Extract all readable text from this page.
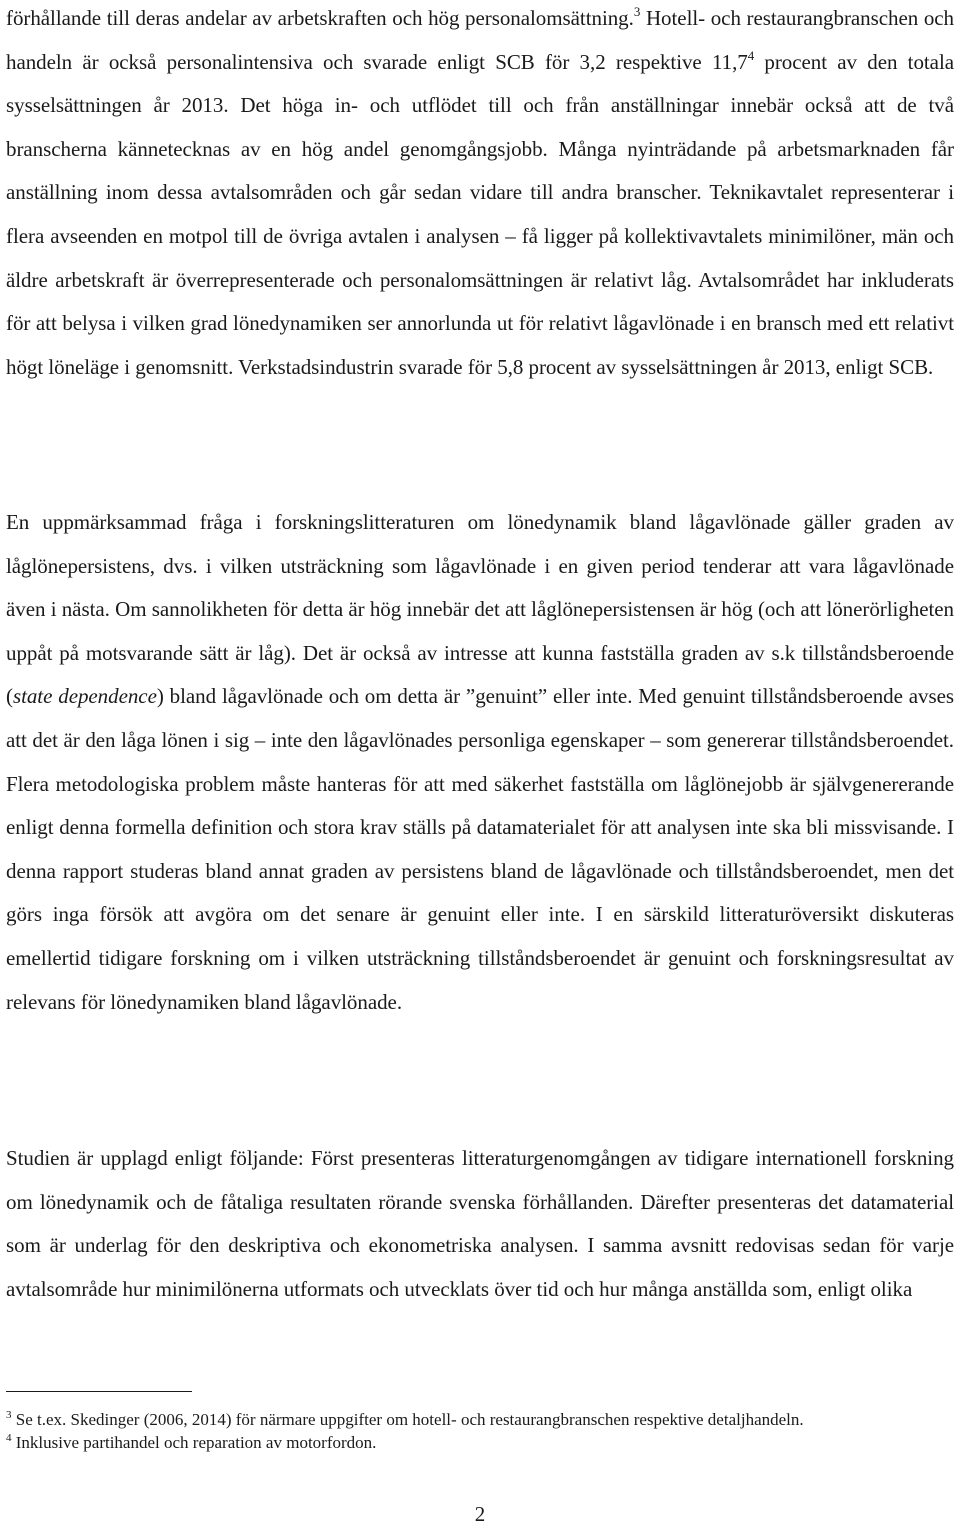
förhållande till deras andelar av arbetskraften och hög personalomsättning.$^3$ Hotell- och restaurangbranschen och handeln är också personalintensiva och svarade enligt SCB för 3,2 respektive 11,7$^4$ procent av den totala sysselsättningen år 2013. Det höga in- och utflödet till och från anställningar innebär också att de två branscherna kännetecknas av en hög andel genomgångsjobb. Många nyinträdande på arbetsmarknaden får anställning inom dessa avtalsområden och går sedan vidare till andra branscher. Teknikavtalet representerar i flera avseenden en motpol till de övriga avtalen i analysen – få ligger på kollektivavtalets minimilöner, män och äldre arbetskraft är överrepresenterade och personalomsättningen är relativt låg. Avtalsområdet har inkluderats för att belysa i vilken grad lönedynamiken ser annorlunda ut för relativt lågavlönade i en bransch med ett relativt högt löneläge i genomsnitt. Verkstadsindustrin svarade för 5,8 procent av sysselsättningen år 2013, enligt SCB.

En uppmärksammad fråga i forskningslitteraturen om lönedynamik bland lågavlönade gäller graden av låglönepersistens, dvs. i vilken utsträckning som lågavlönade i en given period tenderar att vara lågavlönade även i nästa. Om sannolikheten för detta är hög innebär det att låglönepersistensen är hög (och att lönerörligheten uppåt på motsvarande sätt är låg). Det är också av intresse att kunna fastställa graden av s.k tillståndsberoende (state dependence) bland lågavlönade och om detta är ”genuint” eller inte. Med genuint tillståndsberoende avses att det är den låga lönen i sig – inte den lågavlönades personliga egenskaper – som genererar tillståndsberoendet. Flera metodologiska problem måste hanteras för att med säkerhet fastställa om låglönejobb är självgenererande enligt denna formella definition och stora krav ställs på datamaterialet för att analysen inte ska bli missvisande. I denna rapport studeras bland annat graden av persistens bland de lågavlönade och tillståndsberoendet, men det görs inga försök att avgöra om det senare är genuint eller inte. I en särskild litteraturöversikt diskuteras emellertid tidigare forskning om i vilken utsträckning tillståndsberoendet är genuint och forskningsresultat av relevans för lönedynamiken bland lågavlönade.

Studien är upplagd enligt följande: Först presenteras litteraturgenomgången av tidigare internationell forskning om lönedynamik och de fåtaliga resultaten rörande svenska förhållanden. Därefter presenteras det datamaterial som är underlag för den deskriptiva och ekonometriska analysen. I samma avsnitt redovisas sedan för varje avtalsområde hur minimilönerna utformats och utvecklats över tid och hur många anställda som, enligt olika

$^3$ Se t.ex. Skedinger (2006, 2014) för närmare uppgifter om hotell- och restaurangbranschen respektive detaljhandeln.

$^4$ Inklusive partihandel och reparation av motorfordon.

2
